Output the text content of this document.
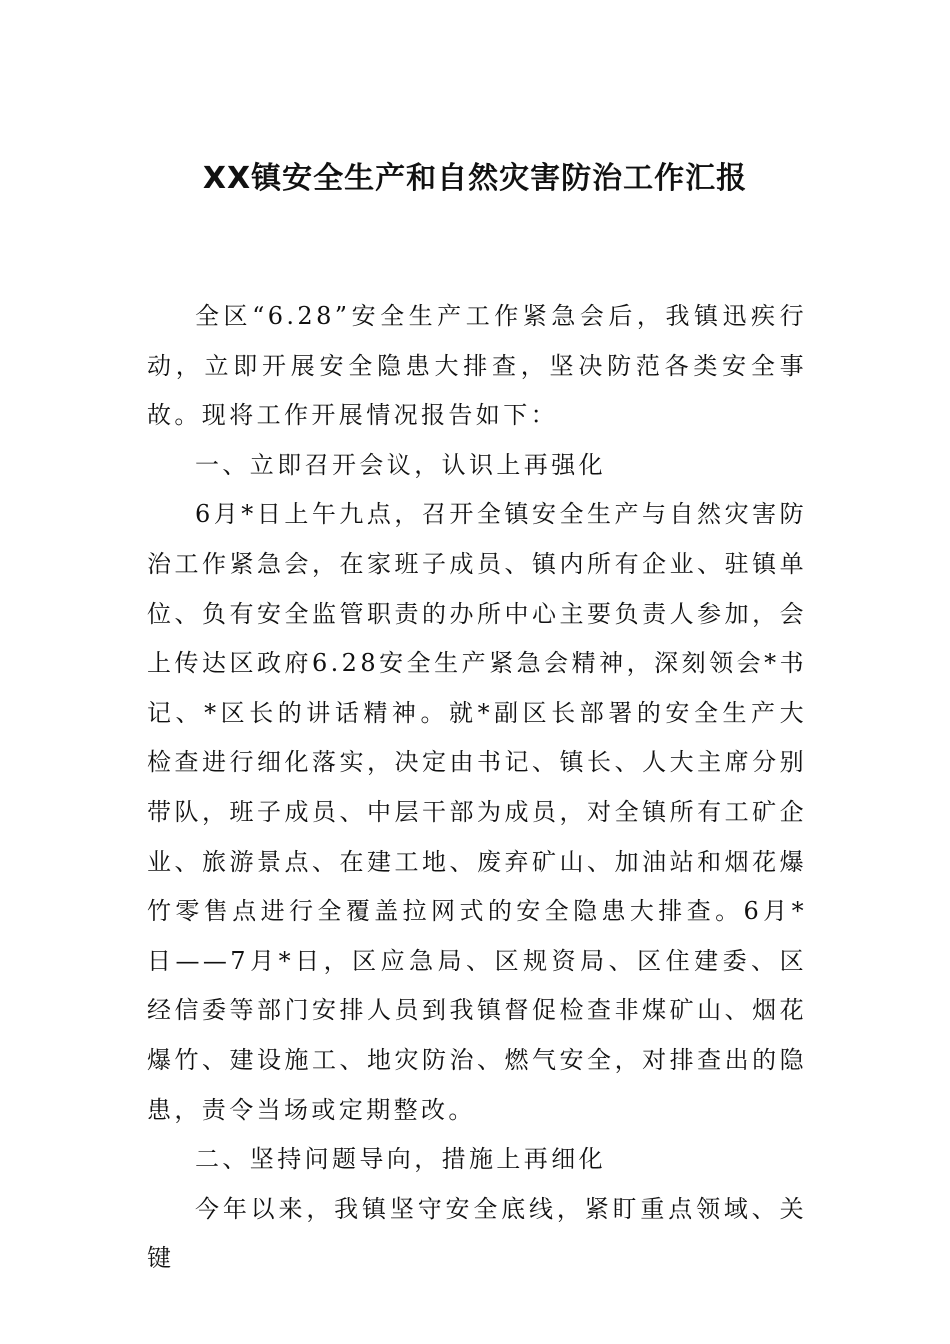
XX镇安全生产和自然灾害防治工作汇报

全区“6.28”安全生产工作紧急会后，我镇迅疾行动，立即开展安全隐患大排查，坚决防范各类安全事故。现将工作开展情况报告如下：

一、立即召开会议，认识上再强化

6月*日上午九点，召开全镇安全生产与自然灾害防治工作紧急会，在家班子成员、镇内所有企业、驻镇单位、负有安全监管职责的办所中心主要负责人参加，会上传达区政府6.28安全生产紧急会精神，深刻领会*书记、*区长的讲话精神。就*副区长部署的安全生产大检查进行细化落实，决定由书记、镇长、人大主席分别带队，班子成员、中层干部为成员，对全镇所有工矿企业、旅游景点、在建工地、废弃矿山、加油站和烟花爆竹零售点进行全覆盖拉网式的安全隐患大排查。6月*日——7月*日，区应急局、区规资局、区住建委、区经信委等部门安排人员到我镇督促检查非煤矿山、烟花爆竹、建设施工、地灾防治、燃气安全，对排查出的隐患，责令当场或定期整改。

二、坚持问题导向，措施上再细化

今年以来，我镇坚守安全底线，紧盯重点领域、关键
